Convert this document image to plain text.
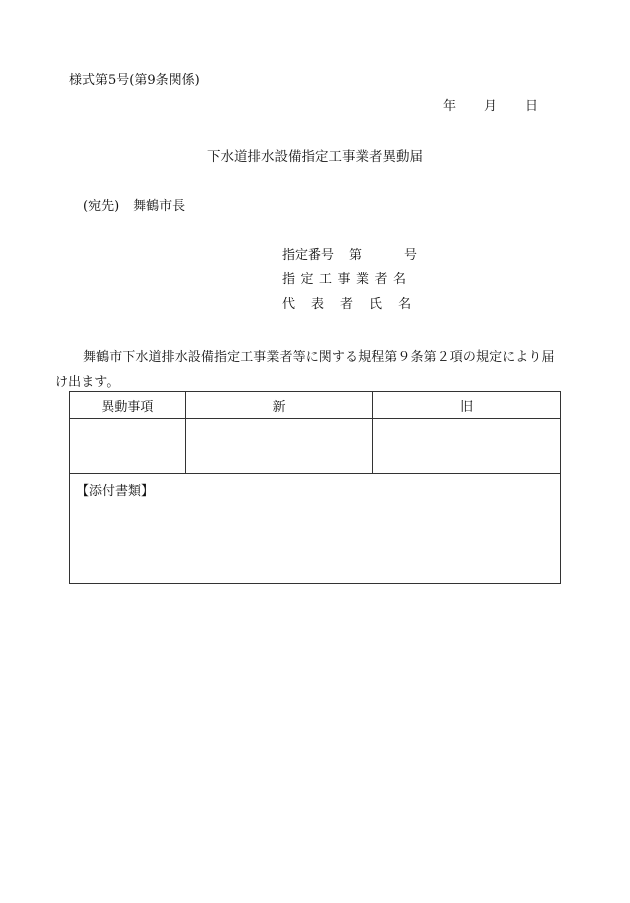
様式第5号(第9条関係)
年 月 日
下水道排水設備指定工事業者異動届
(宛先) 舞鶴市長
指定番号 第	号
指定工事業者名
代 表 者 氏 名
舞鶴市下水道排水設備指定工事業者等に関する規程第９条第２項の規定により届け出ます。
異動事項	新	旧

【添付書類】		
